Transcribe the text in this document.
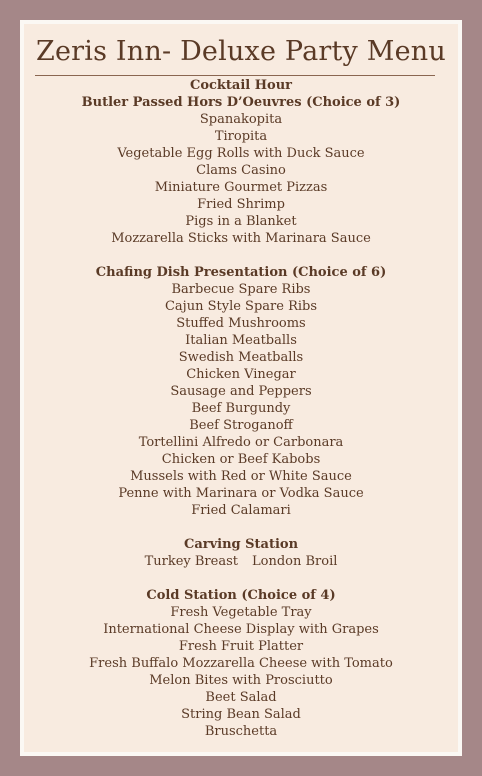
Zeris Inn- Deluxe Party Menu
Cocktail Hour
Butler Passed Hors D’Oeuvres (Choice of 3)
Spanakopita
Tiropita
Vegetable Egg Rolls with Duck Sauce
Clams Casino
Miniature Gourmet Pizzas
Fried Shrimp
Pigs in a Blanket
Mozzarella Sticks with Marinara Sauce
Chafing Dish Presentation (Choice of 6)
Barbecue Spare Ribs
Cajun Style Spare Ribs
Stuffed Mushrooms
Italian Meatballs
Swedish Meatballs
Chicken Vinegar
Sausage and Peppers
Beef Burgundy
Beef Stroganoff
Tortellini Alfredo or Carbonara
Chicken or Beef Kabobs
Mussels with Red or White Sauce
Penne with Marinara or Vodka Sauce
Fried Calamari
Carving Station
Turkey Breast London Broil
Cold Station (Choice of 4)
Fresh Vegetable Tray
International Cheese Display with Grapes
Fresh Fruit Platter
Fresh Buffalo Mozzarella Cheese with Tomato
Melon Bites with Prosciutto
Beet Salad
String Bean Salad
Bruschetta
